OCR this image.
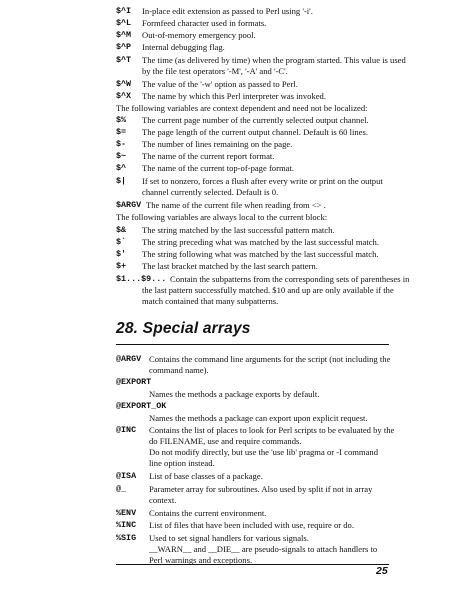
$^I In-place edit extension as passed to Perl using '-i'.
$^L Formfeed character used in formats.
$^M Out-of-memory emergency pool.
$^P Internal debugging flag.
$^T The time (as delivered by time) when the program started. This value is used
by the file test operators '-M', '-A' and '-C'.
$^W The value of the '-w' option as passed to Perl.
$^X The name by which this Perl interpreter was invoked.
The following variables are context dependent and need not be localized:
$% The current page number of the currently selected output channel.
$= The page length of the current output channel. Default is 60 lines.
$- The number of lines remaining on the page.
$~ The name of the current report format.
$^ The name of the current top-of-page format.
$| If set to nonzero, forces a flush after every write or print on the output
channel currently selected. Default is 0.
$ARGV The name of the current file when reading from <> .
The following variables are always local to the current block:
$& The string matched by the last successful pattern match.
$` The string preceding what was matched by the last successful match.
$' The string following what was matched by the last successful match.
$+ The last bracket matched by the last search pattern.
$1...$9... Contain the subpatterns from the corresponding sets of parentheses in
the last pattern successfully matched. $10 and up are only available if the
match contained that many subpatterns.
28. Special arrays
@ARGV Contains the command line arguments for the script (not including the
command name).
@EXPORT
Names the methods a package exports by default.
@EXPORT_OK
Names the methods a package can export upon explicit request.
@INC Contains the list of places to look for Perl scripts to be evaluated by the
do FILENAME, use and require commands.
Do not modify directly, but use the 'use lib' pragma or -I command
line option instead.
@ISA List of base classes of a package.
@_	Parameter array for subroutines. Also used by split if not in array
context.
%ENV Contains the current environment.
%INC List of files that have been included with use, require or do.
%SIG Used to set signal handlers for various signals.
__WARN__ and __DIE__ are pseudo-signals to attach handlers to
Perl warnings and exceptions.
25
